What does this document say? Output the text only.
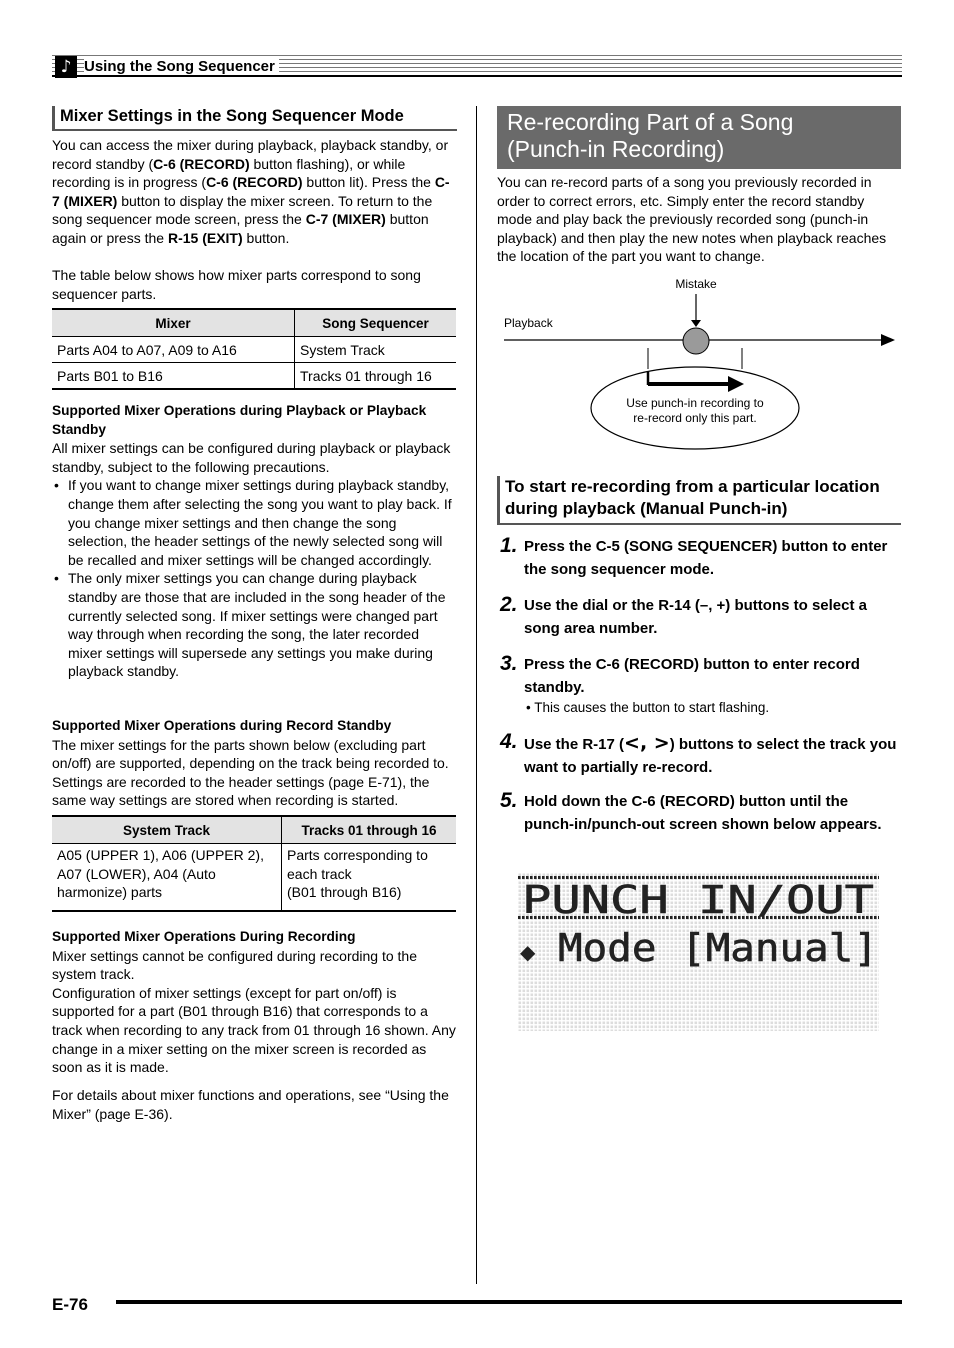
♪ Using the Song Sequencer
Mixer Settings in the Song Sequencer Mode

You can access the mixer during playback, playback standby, or record standby (C-6 (RECORD) button flashing), or while recording is in progress (C-6 (RECORD) button lit). Press the C-7 (MIXER) button to display the mixer screen. To return to the song sequencer mode screen, press the C-7 (MIXER) button again or press the R-15 (EXIT) button.

The table below shows how mixer parts correspond to song sequencer parts.
Mixer	Song Sequencer
Parts A04 to A07, A09 to A16	System Track
Parts B01 to B16	Tracks 01 through 16
Supported Mixer Operations during Playback or Playback Standby
All mixer settings can be configured during playback or playback standby, subject to the following precautions.
• If you want to change mixer settings during playback standby, change them after selecting the song you want to play back. If you change mixer settings and then change the song selection, the header settings of the newly selected song will be recalled and mixer settings will be changed accordingly.
• The only mixer settings you can change during playback standby are those that are included in the song header of the currently selected song. If mixer settings were changed part way through when recording the song, the later recorded mixer settings will supersede any settings you make during playback standby.
Supported Mixer Operations during Record Standby
The mixer settings for the parts shown below (excluding part on/off) are supported, depending on the track being recorded to. Settings are recorded to the header settings (page E-71), the same way settings are stored when recording is started.
System Track	Tracks 01 through 16
A05 (UPPER 1), A06 (UPPER 2), A07 (LOWER), A04 (Auto harmonize) parts	Parts corresponding to each track
(B01 through B16)
Supported Mixer Operations During Recording
Mixer settings cannot be configured during recording to the system track.
Configuration of mixer settings (except for part on/off) is supported for a part (B01 through B16) that corresponds to a track when recording to any track from 01 through 16 shown. Any change in a mixer setting on the mixer screen is recorded as soon as it is made.
For details about mixer functions and operations, see “Using the Mixer” (page E-36).
Re-recording Part of a Song
(Punch-in Recording)
You can re-record parts of a song you previously recorded in order to correct errors, etc. Simply enter the record standby mode and play back the previously recorded song (punch-in playback) and then play the new notes when playback reaches the location of the part you want to change.
Mistake
Playback
Use punch-in recording to
re-record only this part.
To start re-recording from a particular location during playback (Manual Punch-in)
1. Press the C-5 (SONG SEQUENCER) button to enter the song sequencer mode.
2. Use the dial or the R-14 (–, +) buttons to select a song area number.
3. Press the C-6 (RECORD) button to enter record standby.
• This causes the button to start flashing.
4. Use the R-17 (<, >) buttons to select the track you want to partially re-record.
5. Hold down the C-6 (RECORD) button until the punch-in/punch-out screen shown below appears.
PUNCH IN/OUT
◆ Mode [Manual]
E-76
